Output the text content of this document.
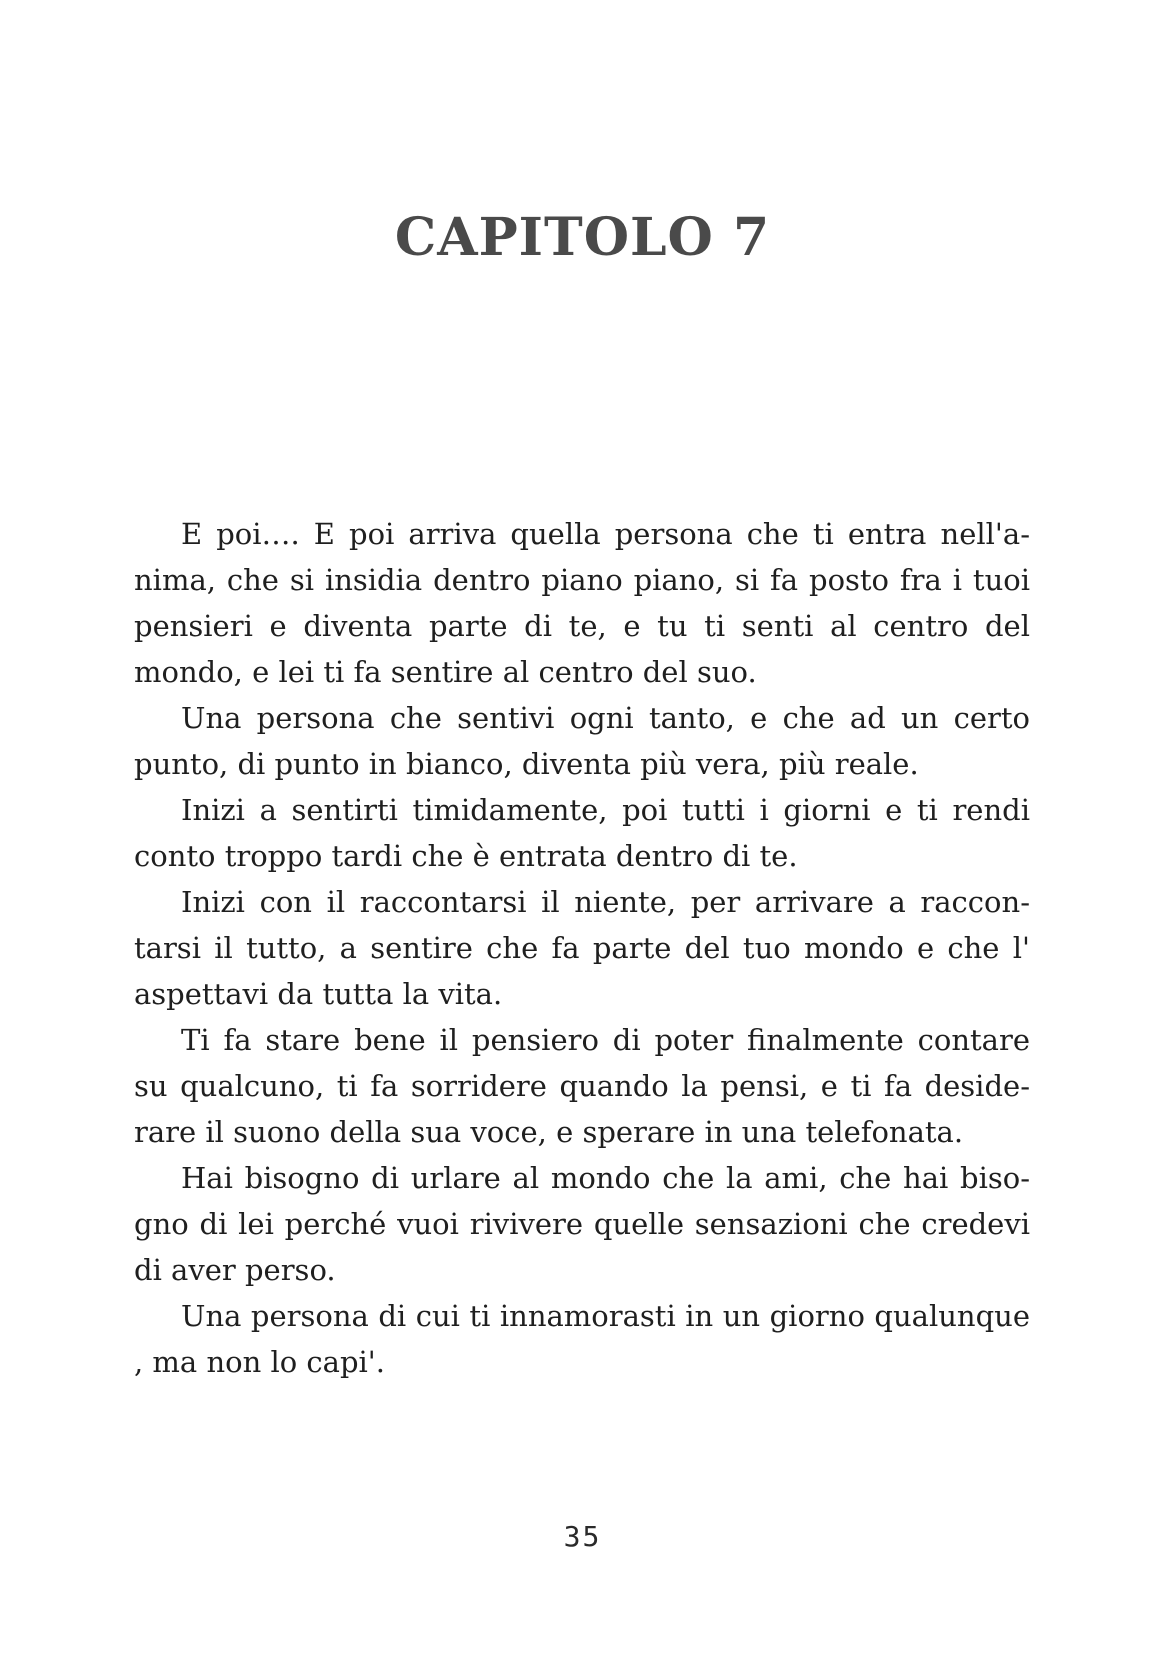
CAPITOLO 7

E poi…. E poi arriva quella persona che ti entra nell'anima, che si insidia dentro piano piano, si fa posto fra i tuoi pensieri e diventa parte di te, e tu ti senti al centro del mondo, e lei ti fa sentire al centro del suo.

Una persona che sentivi ogni tanto, e che ad un certo punto, di punto in bianco, diventa più vera, più reale.

Inizi a sentirti timidamente, poi tutti i giorni e ti rendi conto troppo tardi che è entrata dentro di te.

Inizi con il raccontarsi il niente, per arrivare a raccontarsi il tutto, a sentire che fa parte del tuo mondo e che l' aspettavi da tutta la vita.

Ti fa stare bene il pensiero di poter finalmente contare su qualcuno, ti fa sorridere quando la pensi, e ti fa desiderare il suono della sua voce, e sperare in una telefonata.

Hai bisogno di urlare al mondo che la ami, che hai bisogno di lei perché vuoi rivivere quelle sensazioni che credevi di aver perso.

Una persona di cui ti innamorasti in un giorno qualunque , ma non lo capi'.

35
